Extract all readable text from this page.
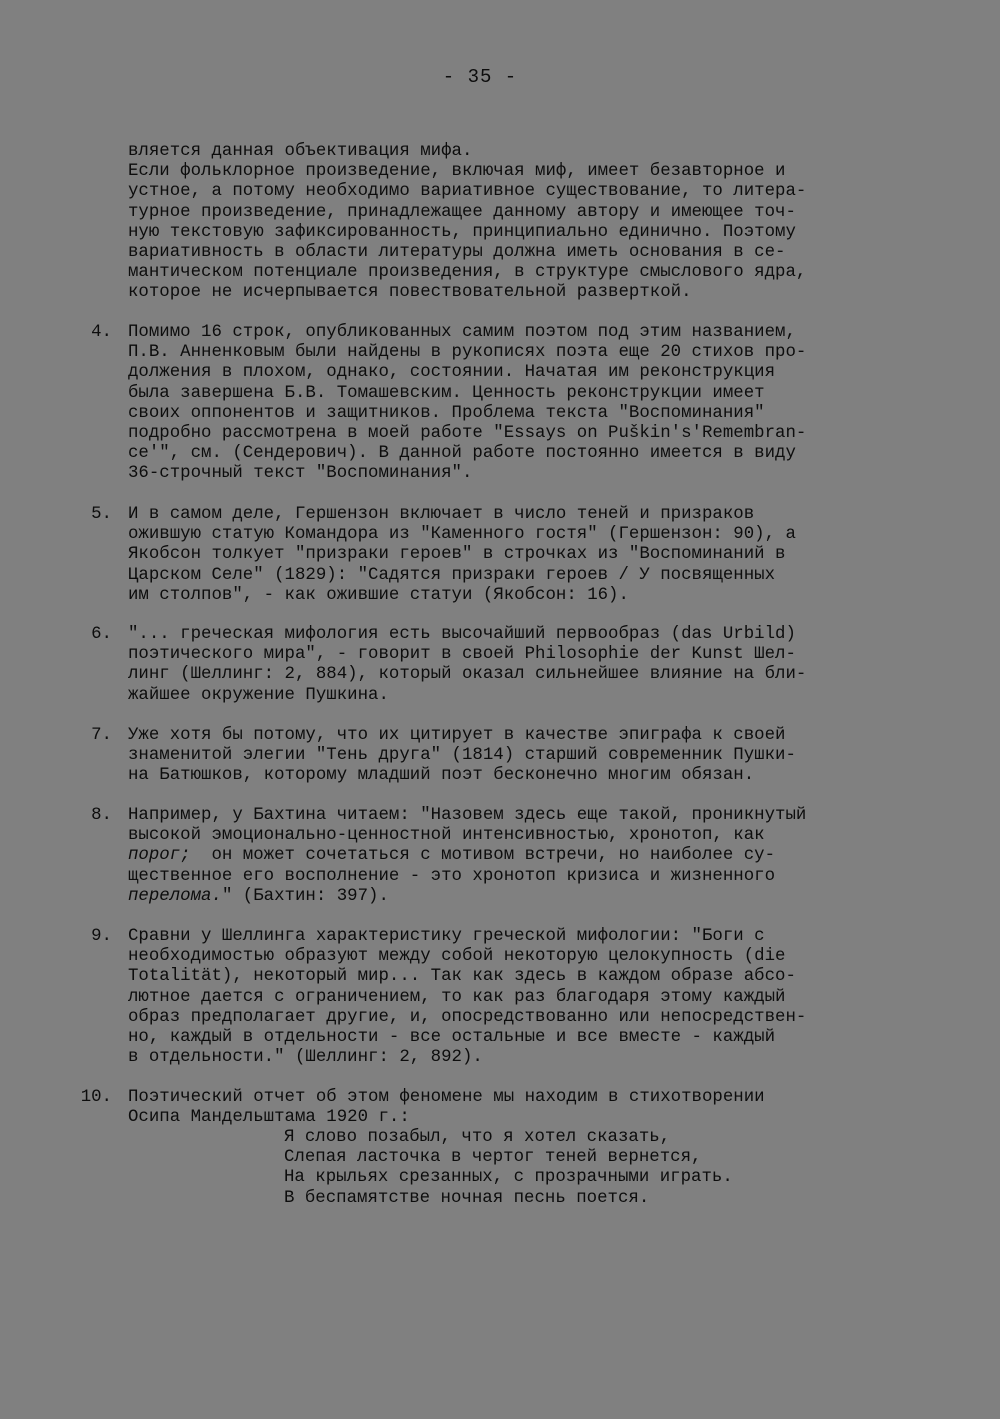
- 35 -
вляется данная объективация мифа.
Если фольклорное произведение, включая миф, имеет безавторное и
устное, а потому необходимо вариативное существование, то литера-
турное произведение, принадлежащее данному автору и имеющее точ-
ную текстовую зафиксированность, принципиально единично. Поэтому
вариативность в области литературы должна иметь основания в се-
мантическом потенциале произведения, в структуре смыслового ядра,
которое не исчерпывается повествовательной разверткой.
4. Помимо 16 строк, опубликованных самим поэтом под этим названием,
П.В. Анненковым были найдены в рукописях поэта еще 20 стихов про-
должения в плохом, однако, состоянии. Начатая им реконструкция
была завершена Б.В. Томашевским. Ценность реконструкции имеет
своих оппонентов и защитников. Проблема текста "Воспоминания"
подробно рассмотрена в моей работе "Essays on Puškin's'Remembran-
ce'", см. (Сендерович). В данной работе постоянно имеется в виду
36-строчный текст "Воспоминания".
5. И в самом деле, Гершензон включает в число теней и призраков
ожившую статую Командора из "Каменного гостя" (Гершензон: 90), а
Якобсон толкует "призраки героев" в строчках из "Воспоминаний в
Царском Селе" (1829): "Садятся призраки героев / У посвященных
им столпов", - как ожившие статуи (Якобсон: 16).
6. "... греческая мифология есть высочайший первообраз (das Urbild)
поэтического мира", - говорит в своей Philosophie der Kunst Шел-
линг (Шеллинг: 2, 884), который оказал сильнейшее влияние на бли-
жайшее окружение Пушкина.
7. Уже хотя бы потому, что их цитирует в качестве эпиграфа к своей
знаменитой элегии "Тень друга" (1814) старший современник Пушки-
на Батюшков, которому младший поэт бесконечно многим обязан.
8. Например, у Бахтина читаем: "Назовем здесь еще такой, проникнутый
высокой эмоционально-ценностной интенсивностью, хронотоп, как
порог;  он может сочетаться с мотивом встречи, но наиболее су-
щественное его восполнение - это хронотоп кризиса и жизненного
перелома." (Бахтин: 397).
9. Сравни у Шеллинга характеристику греческой мифологии: "Боги с
необходимостью образуют между собой некоторую целокупность (die
Totalität), некоторый мир... Так как здесь в каждом образе абсо-
лютное дается с ограничением, то как раз благодаря этому каждый
образ предполагает другие, и, опосредствованно или непосредствен-
но, каждый в отдельности - все остальные и все вместе - каждый
в отдельности." (Шеллинг: 2, 892).
10. Поэтический отчет об этом феномене мы находим в стихотворении
Осипа Мандельштама 1920 г.:
Я слово позабыл, что я хотел сказать,
Слепая ласточка в чертог теней вернется,
На крыльях срезанных, с прозрачными играть.
В беспамятстве ночная песнь поется.
